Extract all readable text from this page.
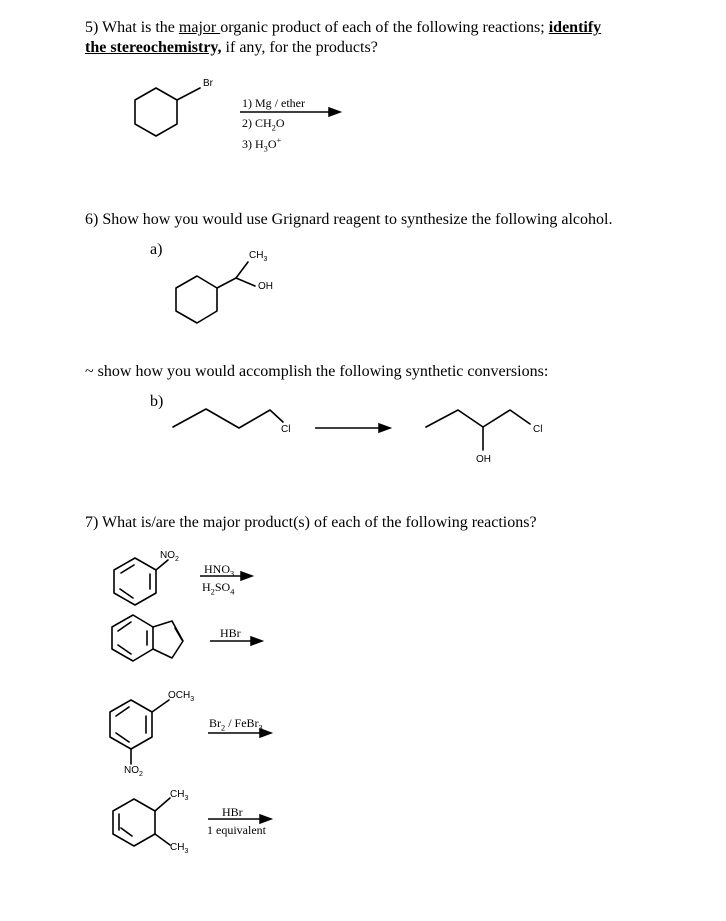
5) What is the major organic product of each of the following reactions; identify
the stereochemistry, if any, for the products?
6) Show how you would use Grignard reagent to synthesize the following alcohol.
a)
~ show how you would accomplish the following synthetic conversions:
b)
7) What is/are the major product(s) of each of the following reactions?
Br
1) Mg / ether
2) $CH_2O$
3) $H_3O^+$
$CH_3$
OH
Cl	Cl
OH
$NO_2$
$HNO_3$
$H_2SO_4$
HBr
$OCH_3$
$NO_2$
$Br_2$ / FeBr$_3$
$CH_3$
$CH_3$
HBr
1 equivalent
